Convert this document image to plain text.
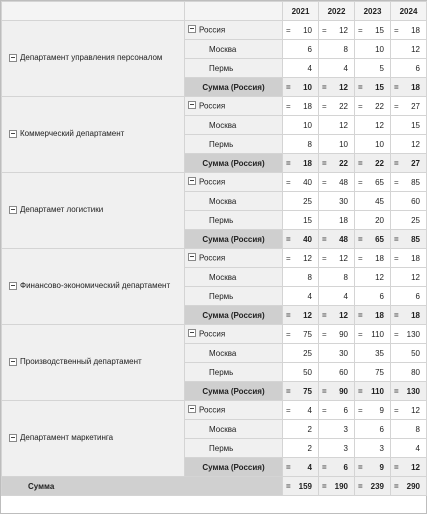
		2021	2022	2023	2024
Департамент управления персоналом	Россия	= 10	= 12	= 15	= 18
	Москва	6	8	10	12
	Пермь	4	4	5	6
	Сумма (Россия)	= 10	= 12	= 15	= 18
Коммерческий департамент	Россия	= 18	= 22	= 22	= 27
	Москва	10	12	12	15
	Пермь	8	10	10	12
	Сумма (Россия)	= 18	= 22	= 22	= 27
Департамет логистики	Россия	= 40	= 48	= 65	= 85
	Москва	25	30	45	60
	Пермь	15	18	20	25
	Сумма (Россия)	= 40	= 48	= 65	= 85
Финансово-экономический департамент	Россия	= 12	= 12	= 18	= 18
	Москва	8	8	12	12
	Пермь	4	4	6	6
	Сумма (Россия)	= 12	= 12	= 18	= 18
Производственный департамент	Россия	= 75	= 90	= 110	= 130
	Москва	25	30	35	50
	Пермь	50	60	75	80
	Сумма (Россия)	= 75	= 90	= 110	= 130
Департамент маркетинга	Россия	= 4	= 6	= 9	= 12
	Москва	2	3	6	8
	Пермь	2	3	3	4
	Сумма (Россия)	= 4	= 6	= 9	= 12
Сумма		= 159	= 190	= 239	= 290
